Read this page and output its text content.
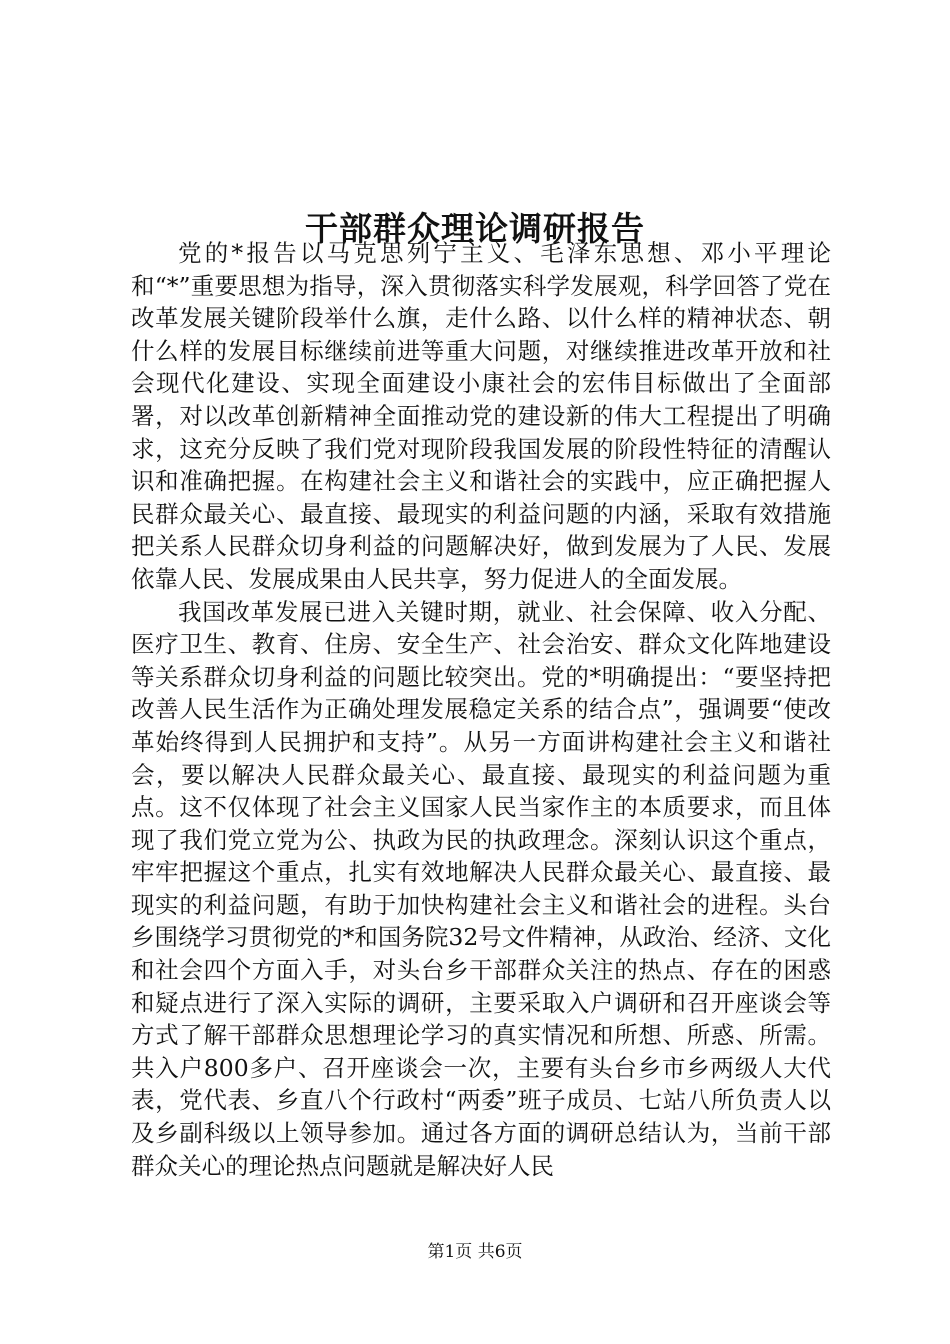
干部群众理论调研报告

党的*报告以马克思列宁主义、毛泽东思想、邓小平理论和“*”重要思想为指导，深入贯彻落实科学发展观，科学回答了党在改革发展关键阶段举什么旗，走什么路、以什么样的精神状态、朝什么样的发展目标继续前进等重大问题，对继续推进改革开放和社会现代化建设、实现全面建设小康社会的宏伟目标做出了全面部署，对以改革创新精神全面推动党的建设新的伟大工程提出了明确求，这充分反映了我们党对现阶段我国发展的阶段性特征的清醒认识和准确把握。在构建社会主义和谐社会的实践中，应正确把握人民群众最关心、最直接、最现实的利益问题的内涵，采取有效措施把关系人民群众切身利益的问题解决好，做到发展为了人民、发展依靠人民、发展成果由人民共享，努力促进人的全面发展。

我国改革发展已进入关键时期，就业、社会保障、收入分配、医疗卫生、教育、住房、安全生产、社会治安、群众文化阵地建设等关系群众切身利益的问题比较突出。党的*明确提出：“要坚持把改善人民生活作为正确处理发展稳定关系的结合点”，强调要“使改革始终得到人民拥护和支持”。从另一方面讲构建社会主义和谐社会，要以解决人民群众最关心、最直接、最现实的利益问题为重点。这不仅体现了社会主义国家人民当家作主的本质要求，而且体现了我们党立党为公、执政为民的执政理念。深刻认识这个重点，牢牢把握这个重点，扎实有效地解决人民群众最关心、最直接、最现实的利益问题，有助于加快构建社会主义和谐社会的进程。头台乡围绕学习贯彻党的*和国务院32号文件精神，从政治、经济、文化和社会四个方面入手，对头台乡干部群众关注的热点、存在的困惑和疑点进行了深入实际的调研，主要采取入户调研和召开座谈会等方式了解干部群众思想理论学习的真实情况和所想、所惑、所需。共入户800多户、召开座谈会一次，主要有头台乡市乡两级人大代表，党代表、乡直八个行政村“两委”班子成员、七站八所负责人以及乡副科级以上领导参加。通过各方面的调研总结认为，当前干部群众关心的理论热点问题就是解决好人民

第1页 共6页
